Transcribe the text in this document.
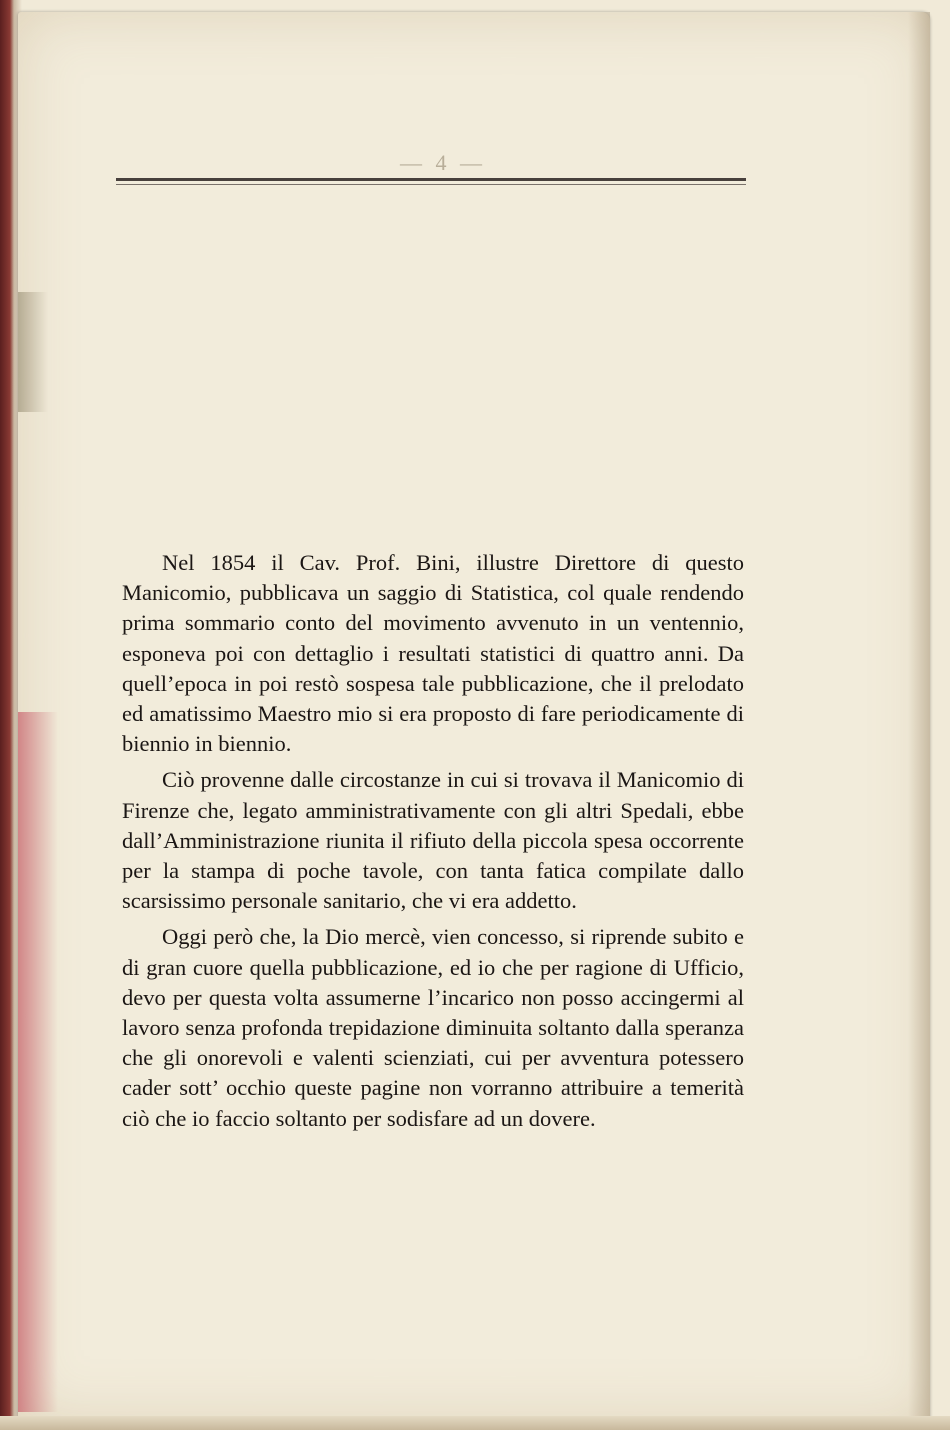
— 4 —

Nel 1854 il Cav. Prof. Bini, illustre Direttore di questo Manicomio, pubblicava un saggio di Statistica, col quale rendendo prima sommario conto del movimento avvenuto in un ventennio, esponeva poi con dettaglio i resultati statistici di quattro anni. Da quell’epoca in poi restò sospesa tale pubblicazione, che il prelodato ed amatissimo Maestro mio si era proposto di fare periodicamente di biennio in biennio.

Ciò provenne dalle circostanze in cui si trovava il Manicomio di Firenze che, legato amministrativamente con gli altri Spedali, ebbe dall’Amministrazione riunita il rifiuto della piccola spesa occorrente per la stampa di poche tavole, con tanta fatica compilate dallo scarsissimo personale sanitario, che vi era addetto.

Oggi però che, la Dio mercè, vien concesso, si riprende subito e di gran cuore quella pubblicazione, ed io che per ragione di Ufficio, devo per questa volta assumerne l’incarico non posso accingermi al lavoro senza profonda trepidazione diminuita soltanto dalla speranza che gli onorevoli e valenti scienziati, cui per avventura potessero cader sott’ occhio queste pagine non vorranno attribuire a temerità ciò che io faccio soltanto per sodisfare ad un dovere.
